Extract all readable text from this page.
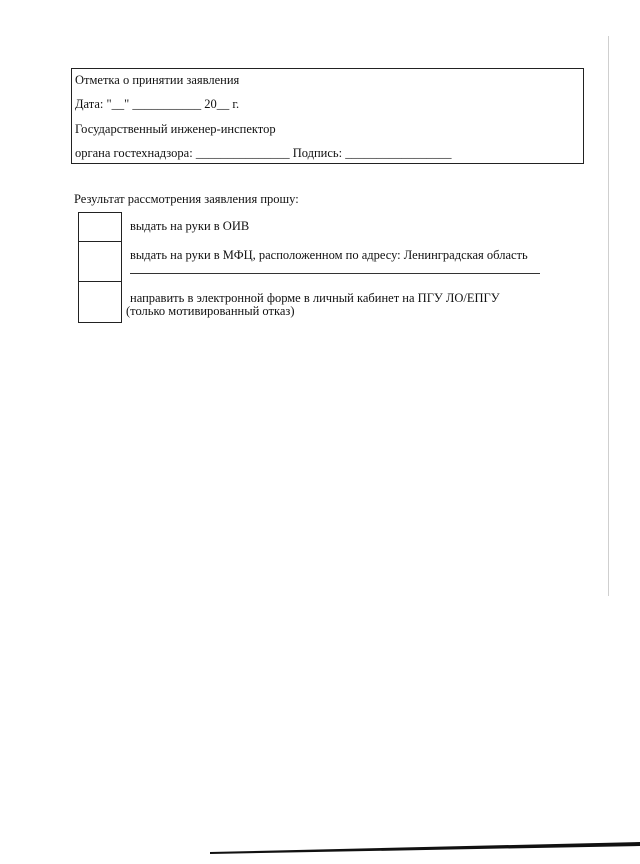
Отметка о принятии заявления
Дата: "__" ___________ 20__ г.
Государственный инженер-инспектор
органа гостехнадзора: _______________ Подпись: _________________
Результат рассмотрения заявления прошу:
выдать на руки в ОИВ
выдать на руки в МФЦ, расположенном по адресу: Ленинградская область
направить в электронной форме в личный кабинет на ПГУ ЛО/ЕПГУ
(только мотивированный отказ)
